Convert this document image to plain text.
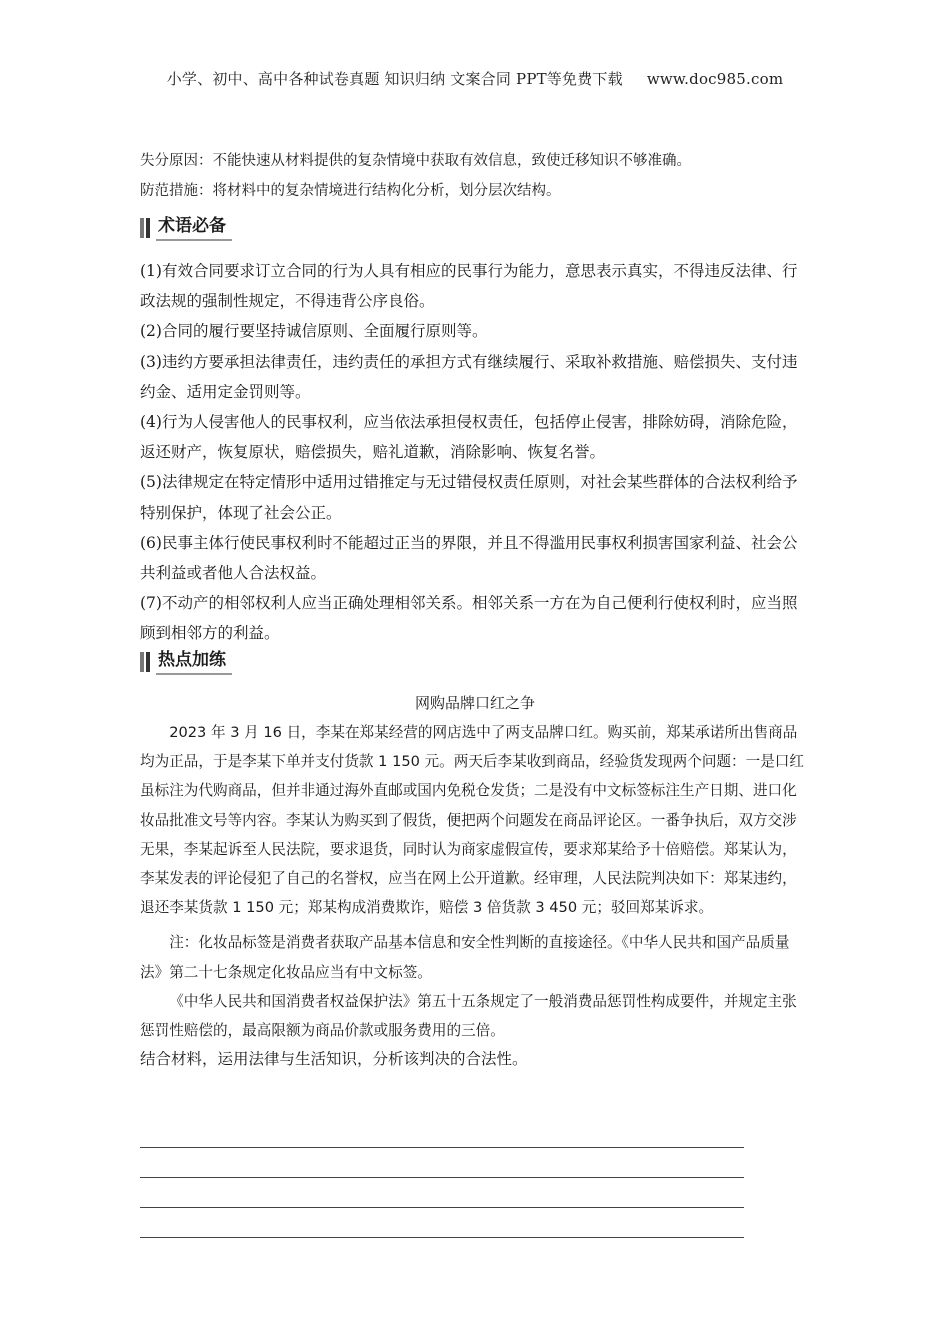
小学、初中、高中各种试卷真题 知识归纳 文案合同 PPT等免费下载 www.doc985.com

失分原因：不能快速从材料提供的复杂情境中获取有效信息，致使迁移知识不够准确。

防范措施：将材料中的复杂情境进行结构化分析，划分层次结构。

术语必备

(1)有效合同要求订立合同的行为人具有相应的民事行为能力，意思表示真实，不得违反法律、行政法规的强制性规定，不得违背公序良俗。

(2)合同的履行要坚持诚信原则、全面履行原则等。

(3)违约方要承担法律责任，违约责任的承担方式有继续履行、采取补救措施、赔偿损失、支付违约金、适用定金罚则等。

(4)行为人侵害他人的民事权利，应当依法承担侵权责任，包括停止侵害，排除妨碍，消除危险，返还财产，恢复原状，赔偿损失，赔礼道歉，消除影响、恢复名誉。

(5)法律规定在特定情形中适用过错推定与无过错侵权责任原则，对社会某些群体的合法权利给予特别保护，体现了社会公正。

(6)民事主体行使民事权利时不能超过正当的界限，并且不得滥用民事权利损害国家利益、社会公共利益或者他人合法权益。

(7)不动产的相邻权利人应当正确处理相邻关系。相邻关系一方在为自己便利行使权利时，应当照顾到相邻方的利益。

热点加练

网购品牌口红之争

2023 年 3 月 16 日，李某在郑某经营的网店选中了两支品牌口红。购买前，郑某承诺所出售商品均为正品，于是李某下单并支付货款 1 150 元。两天后李某收到商品，经验货发现两个问题：一是口红虽标注为代购商品，但并非通过海外直邮或国内免税仓发货；二是没有中文标签标注生产日期、进口化妆品批准文号等内容。李某认为购买到了假货，便把两个问题发在商品评论区。一番争执后，双方交涉无果，李某起诉至人民法院，要求退货，同时认为商家虚假宣传，要求郑某给予十倍赔偿。郑某认为，李某发表的评论侵犯了自己的名誉权，应当在网上公开道歉。经审理，人民法院判决如下：郑某违约，退还李某货款 1 150 元；郑某构成消费欺诈，赔偿 3 倍货款 3 450 元；驳回郑某诉求。

注：化妆品标签是消费者获取产品基本信息和安全性判断的直接途径。《中华人民共和国产品质量法》第二十七条规定化妆品应当有中文标签。

《中华人民共和国消费者权益保护法》第五十五条规定了一般消费品惩罚性构成要件，并规定主张惩罚性赔偿的，最高限额为商品价款或服务费用的三倍。

结合材料，运用法律与生活知识，分析该判决的合法性。
